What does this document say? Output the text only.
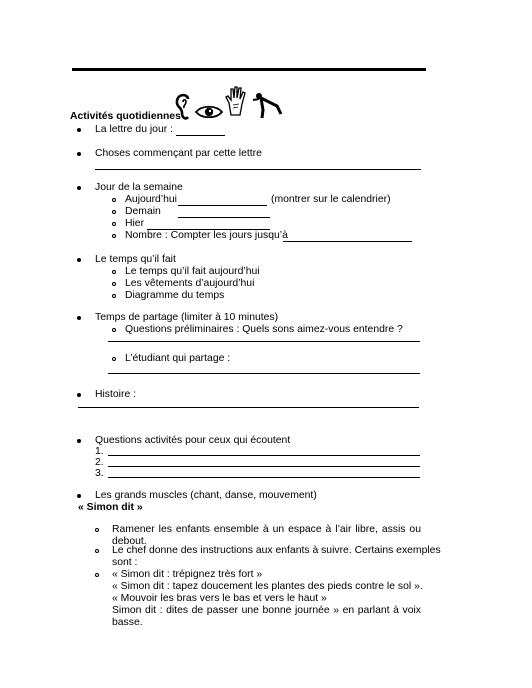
Activités quotidiennes
La lettre du jour :
Choses commençant par cette lettre
Jour de la semaine
Aujourd’hui	(montrer sur le calendrier)
Demain
Hier
Nombre : Compter les jours jusqu’à
Le temps qu’il fait
Le temps qu’il fait aujourd’hui
Les vêtements d’aujourd’hui
Diagramme du temps
Temps de partage (limiter à 10 minutes)
Questions préliminaires : Quels sons aimez-vous entendre ?
L’étudiant qui partage :
Histoire :
Questions activités pour ceux qui écoutent
1.
2.
3.
Les grands muscles (chant, danse, mouvement)
« Simon dit »
Ramener les enfants ensemble à un espace à l’air libre, assis ou
debout.
Le chef donne des instructions aux enfants à suivre. Certains exemples
sont :
« Simon dit : trépignez très fort »
« Simon dit : tapez doucement les plantes des pieds contre le sol ».
« Mouvoir les bras vers le bas et vers le haut »
Simon dit : dites de passer une bonne journée » en parlant à voix
basse.
